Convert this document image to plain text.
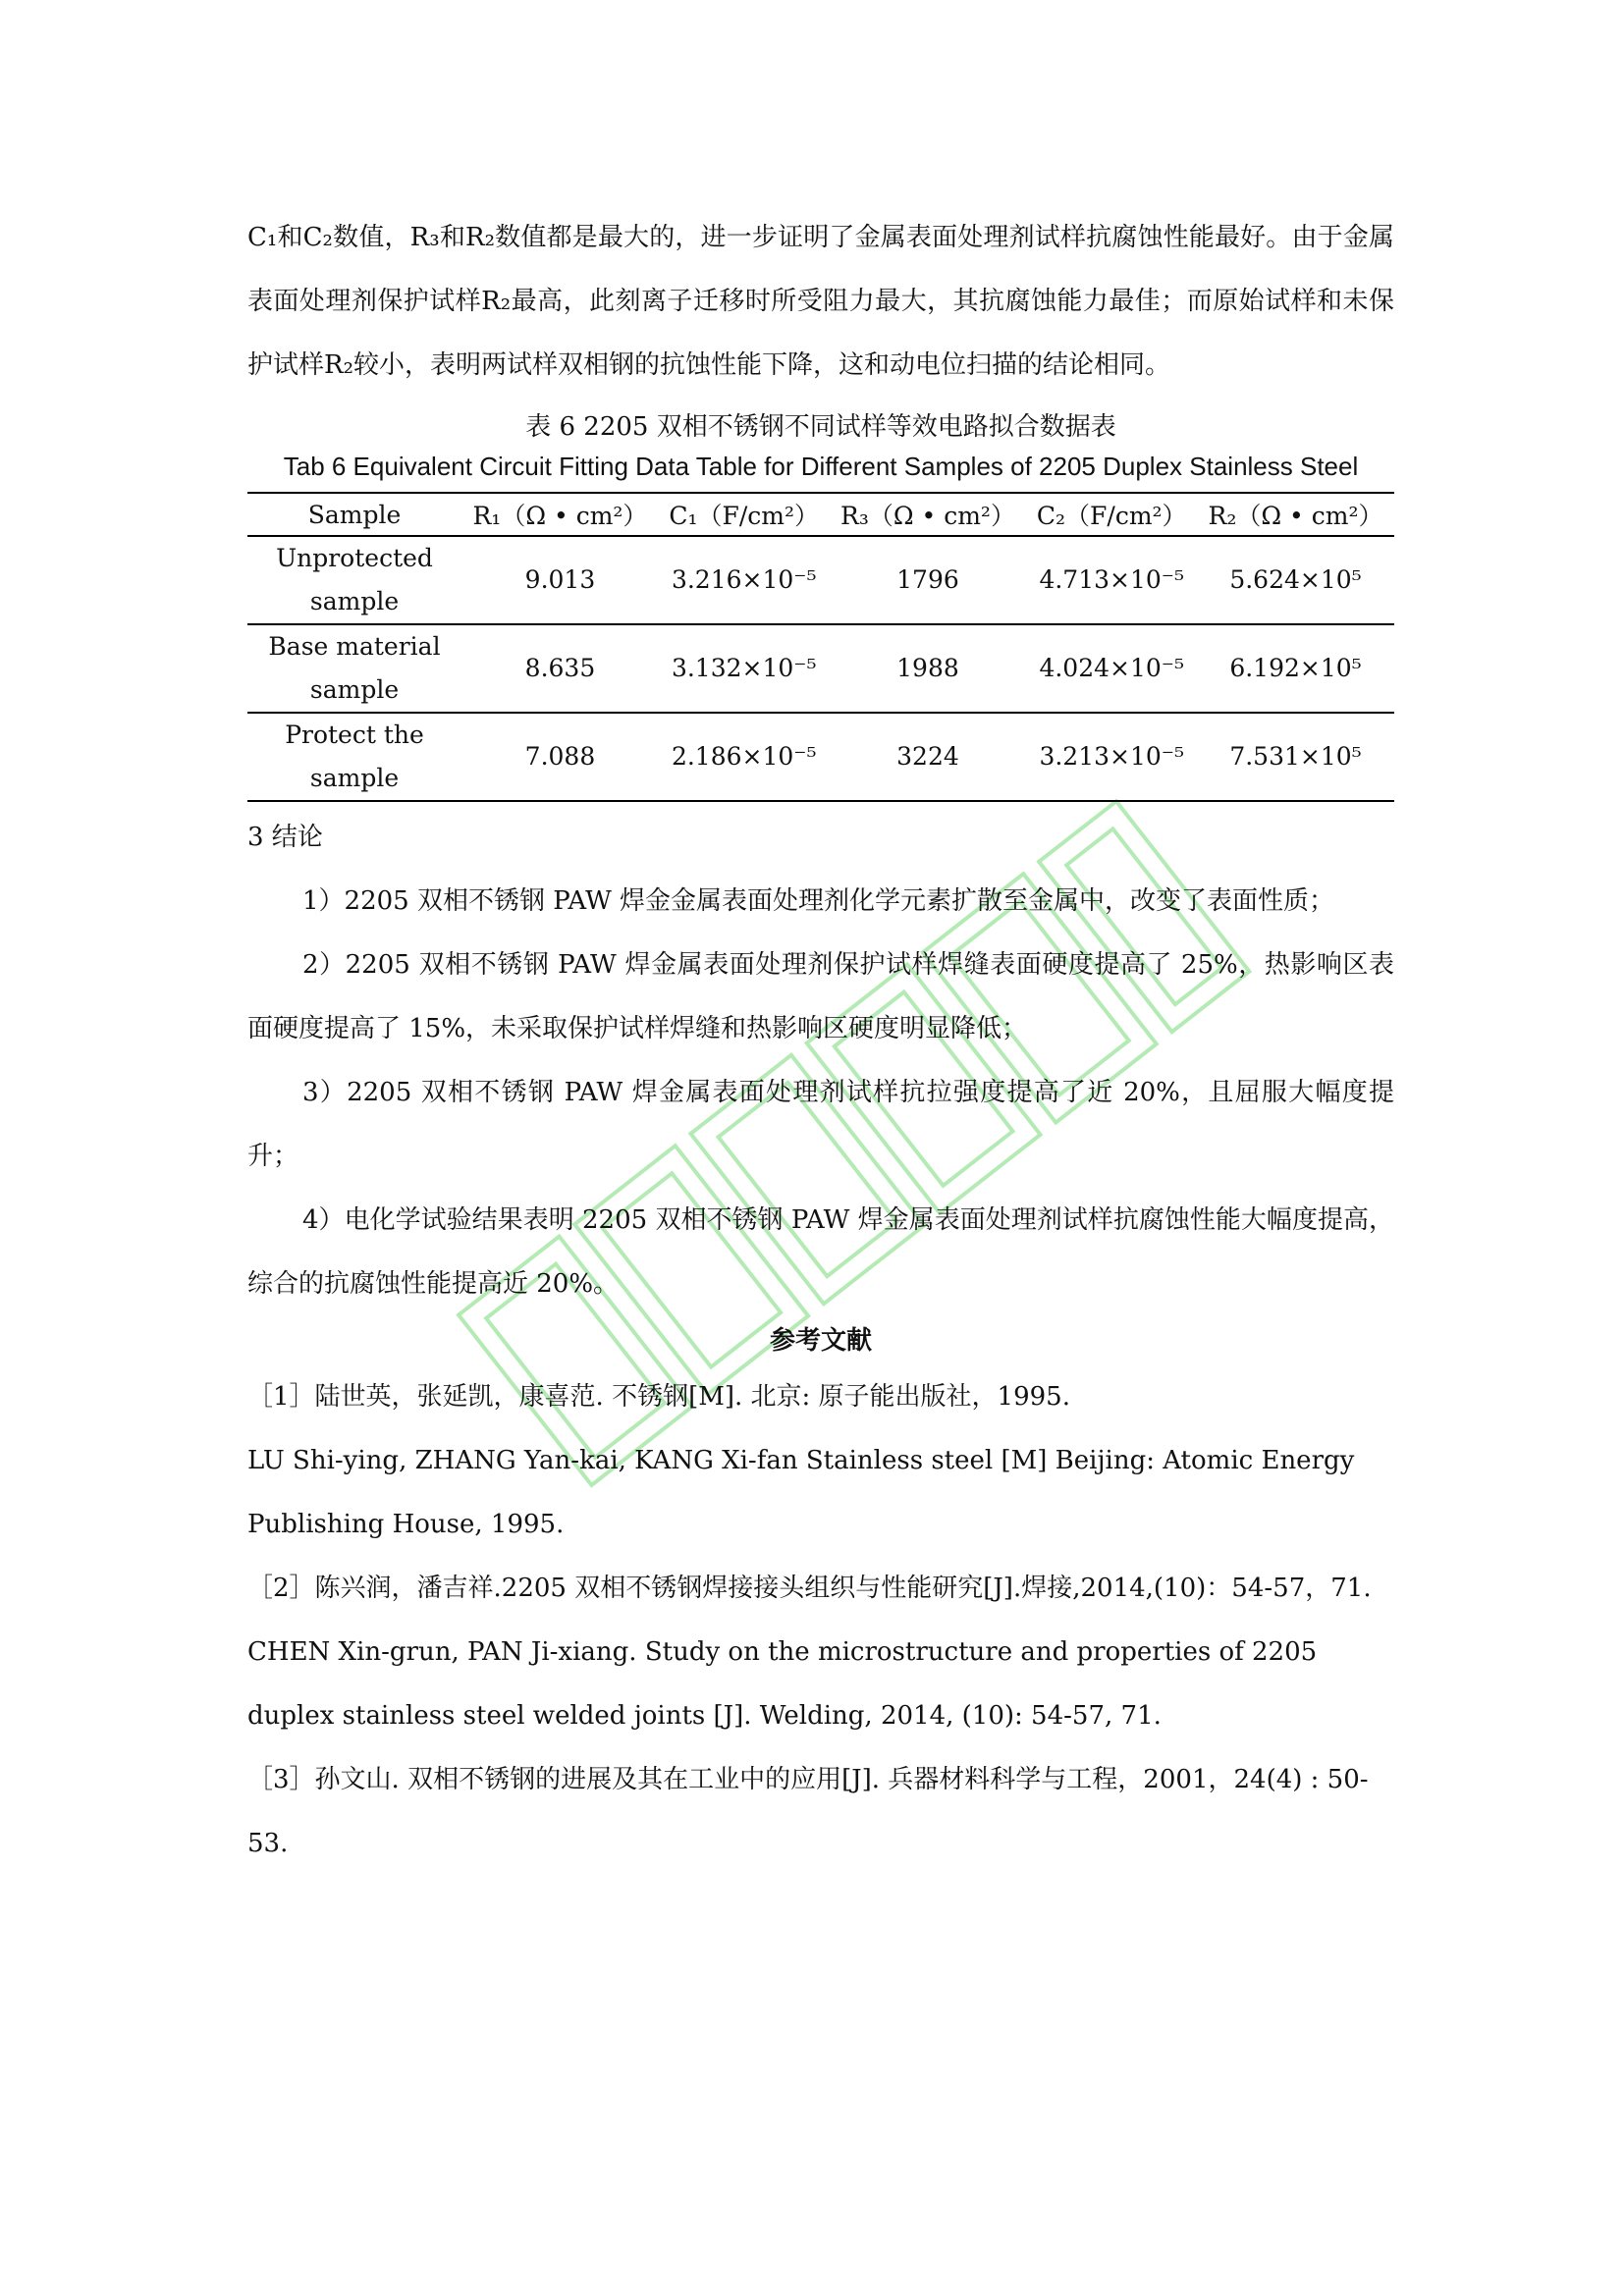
C₁和C₂数值，R₃和R₂数值都是最大的，进一步证明了金属表面处理剂试样抗腐蚀性能最好。由于金属表面处理剂保护试样R₂最高，此刻离子迁移时所受阻力最大，其抗腐蚀能力最佳；而原始试样和未保护试样R₂较小，表明两试样双相钢的抗蚀性能下降，这和动电位扫描的结论相同。

表 6 2205 双相不锈钢不同试样等效电路拟合数据表

Tab 6 Equivalent Circuit Fitting Data Table for Different Samples of 2205 Duplex Stainless Steel

Sample	R₁（Ω • cm²）	C₁（F/cm²）	R₃（Ω • cm²）	C₂（F/cm²）	R₂（Ω • cm²）
Unprotected sample	9.013	3.216×10⁻⁵	1796	4.713×10⁻⁵	5.624×10⁵
Base material sample	8.635	3.132×10⁻⁵	1988	4.024×10⁻⁵	6.192×10⁵
Protect the sample	7.088	2.186×10⁻⁵	3224	3.213×10⁻⁵	7.531×10⁵

3 结论

1）2205 双相不锈钢 PAW 焊金金属表面处理剂化学元素扩散至金属中，改变了表面性质；

2）2205 双相不锈钢 PAW 焊金属表面处理剂保护试样焊缝表面硬度提高了 25%，热影响区表面硬度提高了 15%，未采取保护试样焊缝和热影响区硬度明显降低；

3）2205 双相不锈钢 PAW 焊金属表面处理剂试样抗拉强度提高了近 20%，且屈服大幅度提升；

4）电化学试验结果表明 2205 双相不锈钢 PAW 焊金属表面处理剂试样抗腐蚀性能大幅度提高，综合的抗腐蚀性能提高近 20%。

参考文献

［1］陆世英，张延凯，康喜范. 不锈钢[M]. 北京: 原子能出版社，1995.

LU Shi-ying, ZHANG Yan-kai, KANG Xi-fan Stainless steel [M] Beijing: Atomic Energy Publishing House, 1995.

［2］陈兴润，潘吉祥.2205 双相不锈钢焊接接头组织与性能研究[J].焊接,2014,(10)：54-57，71.

CHEN Xin-grun, PAN Ji-xiang. Study on the microstructure and properties of 2205 duplex stainless steel welded joints [J]. Welding, 2014, (10): 54-57, 71.

［3］孙文山. 双相不锈钢的进展及其在工业中的应用[J]. 兵器材料科学与工程，2001，24(4) : 50-53.
